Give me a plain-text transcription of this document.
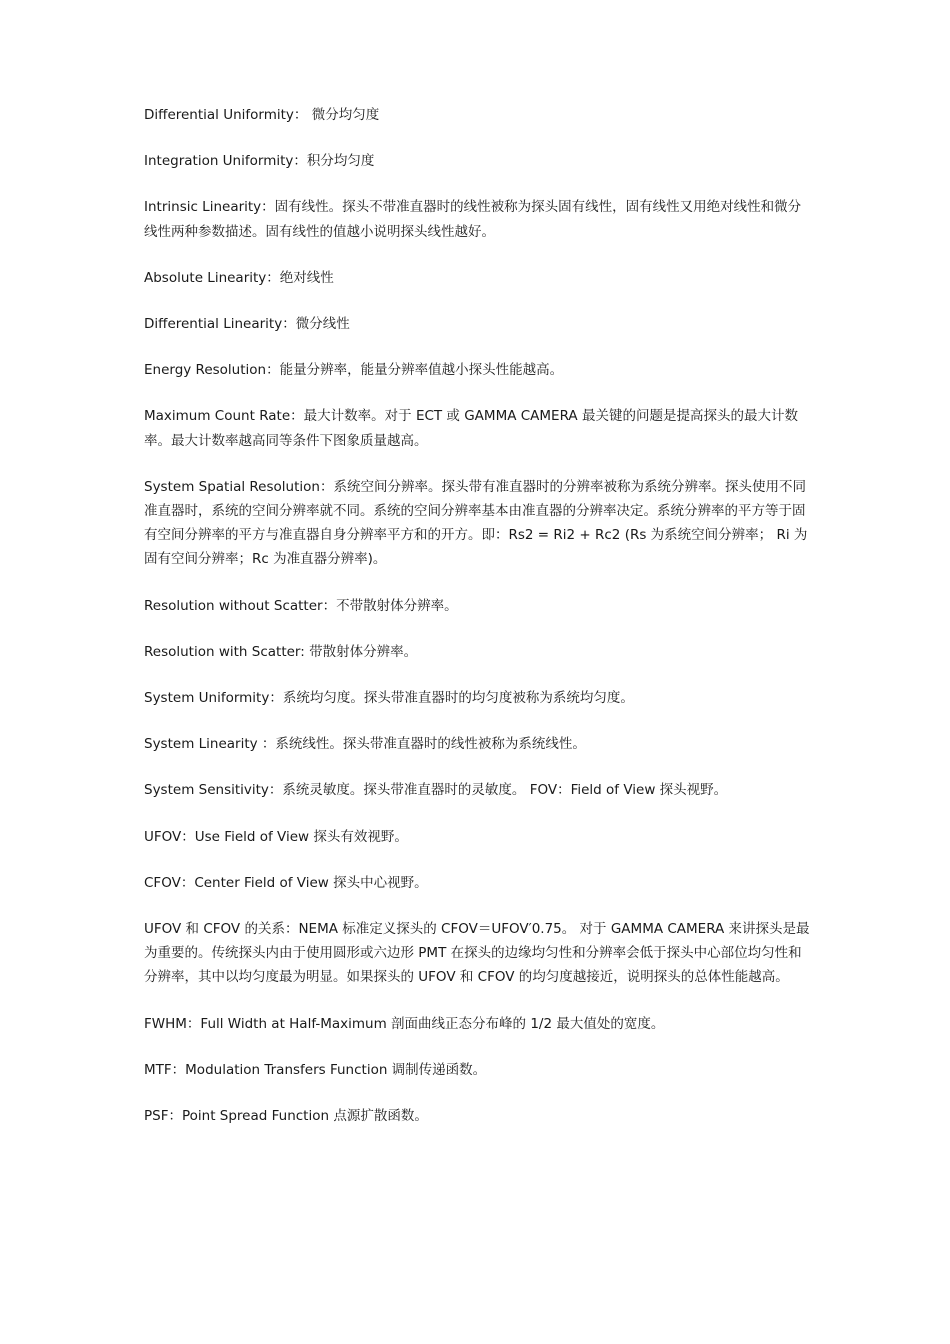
Differential Uniformity： 微分均匀度

Integration Uniformity：积分均匀度

Intrinsic Linearity：固有线性。探头不带准直器时的线性被称为探头固有线性，固有线性又用绝对线性和微分线性两种参数描述。固有线性的值越小说明探头线性越好。

Absolute Linearity：绝对线性

Differential Linearity：微分线性

Energy Resolution：能量分辨率，能量分辨率值越小探头性能越高。

Maximum Count Rate：最大计数率。对于 ECT 或 GAMMA CAMERA 最关键的问题是提高探头的最大计数率。最大计数率越高同等条件下图象质量越高。

System Spatial Resolution：系统空间分辨率。探头带有准直器时的分辨率被称为系统分辨率。探头使用不同准直器时，系统的空间分辨率就不同。系统的空间分辨率基本由准直器的分辨率决定。系统分辨率的平方等于固有空间分辨率的平方与准直器自身分辨率平方和的开方。即：Rs2 = Ri2 + Rc2 (Rs 为系统空间分辨率； Ri 为固有空间分辨率；Rc 为准直器分辨率)。

Resolution without Scatter：不带散射体分辨率。

Resolution with Scatter: 带散射体分辨率。

System Uniformity：系统均匀度。探头带准直器时的均匀度被称为系统均匀度。

System Linearity ：系统线性。探头带准直器时的线性被称为系统线性。

System Sensitivity：系统灵敏度。探头带准直器时的灵敏度。 FOV：Field of View 探头视野。

UFOV：Use Field of View 探头有效视野。

CFOV：Center Field of View 探头中心视野。

UFOV 和 CFOV 的关系：NEMA 标准定义探头的 CFOV＝UFOV′0.75。 对于 GAMMA CAMERA 来讲探头是最为重要的。传统探头内由于使用圆形或六边形 PMT 在探头的边缘均匀性和分辨率会低于探头中心部位均匀性和分辨率，其中以均匀度最为明显。如果探头的 UFOV 和 CFOV 的均匀度越接近，说明探头的总体性能越高。

FWHM：Full Width at Half-Maximum 剖面曲线正态分布峰的 1/2 最大值处的宽度。

MTF：Modulation Transfers Function 调制传递函数。

PSF：Point Spread Function 点源扩散函数。
